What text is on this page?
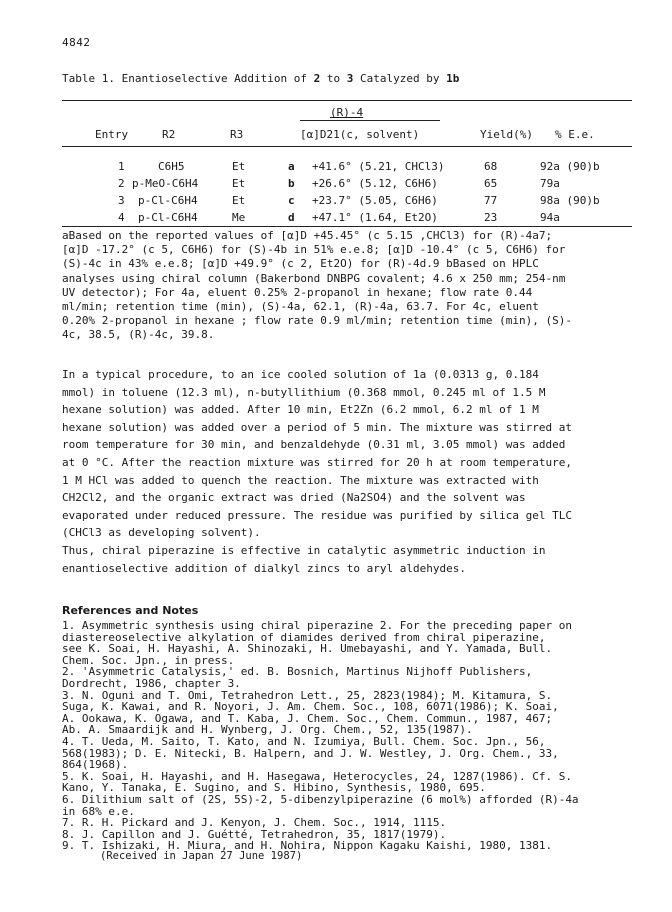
4842
Table 1. Enantioselective Addition of 2 to 3 Catalyzed by 1b
(R)-4
Entry	R2	R3	[α]D21(c, solvent)	Yield(%) % E.e.
1	C6H5	Et	a +41.6° (5.21, CHCl3)	68	92a (90)b
2 p-MeO-C6H4	Et	b +26.6° (5.12, C6H6)	65	79a
3 p-Cl-C6H4	Et	c +23.7° (5.05, C6H6)	77	98a (90)b
4 p-Cl-C6H4	Me	d +47.1° (1.64, Et2O)	23	94a
aBased on the reported values of [α]D +45.45° (c 5.15 ,CHCl3) for (R)-4a7;
[α]D -17.2° (c 5, C6H6) for (S)-4b in 51% e.e.8; [α]D -10.4° (c 5, C6H6) for
(S)-4c in 43% e.e.8; [α]D +49.9° (c 2, Et2O) for (R)-4d.9 bBased on HPLC
analyses using chiral column (Bakerbond DNBPG covalent; 4.6 x 250 mm; 254-nm
UV detector); For 4a, eluent 0.25% 2-propanol in hexane; flow rate 0.44
ml/min; retention time (min), (S)-4a, 62.1, (R)-4a, 63.7. For 4c, eluent
0.20% 2-propanol in hexane ; flow rate 0.9 ml/min; retention time (min), (S)-
4c, 38.5, (R)-4c, 39.8.
In a typical procedure, to an ice cooled solution of 1a (0.0313 g, 0.184
mmol) in toluene (12.3 ml), n-butyllithium (0.368 mmol, 0.245 ml of 1.5 M
hexane solution) was added. After 10 min, Et2Zn (6.2 mmol, 6.2 ml of 1 M
hexane solution) was added over a period of 5 min. The mixture was stirred at
room temperature for 30 min, and benzaldehyde (0.31 ml, 3.05 mmol) was added
at 0 °C. After the reaction mixture was stirred for 20 h at room temperature,
1 M HCl was added to quench the reaction. The mixture was extracted with
CH2Cl2, and the organic extract was dried (Na2SO4) and the solvent was
evaporated under reduced pressure. The residue was purified by silica gel TLC
(CHCl3 as developing solvent).
Thus, chiral piperazine is effective in catalytic asymmetric induction in
enantioselective addition of dialkyl zincs to aryl aldehydes.
References and Notes
1. Asymmetric synthesis using chiral piperazine 2. For the preceding paper on
diastereoselective alkylation of diamides derived from chiral piperazine,
see K. Soai, H. Hayashi, A. Shinozaki, H. Umebayashi, and Y. Yamada, Bull.
Chem. Soc. Jpn., in press.
2. 'Asymmetric Catalysis,' ed. B. Bosnich, Martinus Nijhoff Publishers,
Dordrecht, 1986, chapter 3.
3. N. Oguni and T. Omi, Tetrahedron Lett., 25, 2823(1984); M. Kitamura, S.
Suga, K. Kawai, and R. Noyori, J. Am. Chem. Soc., 108, 6071(1986); K. Soai,
A. Ookawa, K. Ogawa, and T. Kaba, J. Chem. Soc., Chem. Commun., 1987, 467;
Ab. A. Smaardijk and H. Wynberg, J. Org. Chem., 52, 135(1987).
4. T. Ueda, M. Saito, T. Kato, and N. Izumiya, Bull. Chem. Soc. Jpn., 56,
568(1983); D. E. Nitecki, B. Halpern, and J. W. Westley, J. Org. Chem., 33,
864(1968).
5. K. Soai, H. Hayashi, and H. Hasegawa, Heterocycles, 24, 1287(1986). Cf. S.
Kano, Y. Tanaka, E. Sugino, and S. Hibino, Synthesis, 1980, 695.
6. Dilithium salt of (2S, 5S)-2, 5-dibenzylpiperazine (6 mol%) afforded (R)-4a
in 68% e.e.
7. R. H. Pickard and J. Kenyon, J. Chem. Soc., 1914, 1115.
8. J. Capillon and J. Guétté, Tetrahedron, 35, 1817(1979).
9. T. Ishizaki, H. Miura, and H. Nohira, Nippon Kagaku Kaishi, 1980, 1381.
(Received in Japan 27 June 1987)
